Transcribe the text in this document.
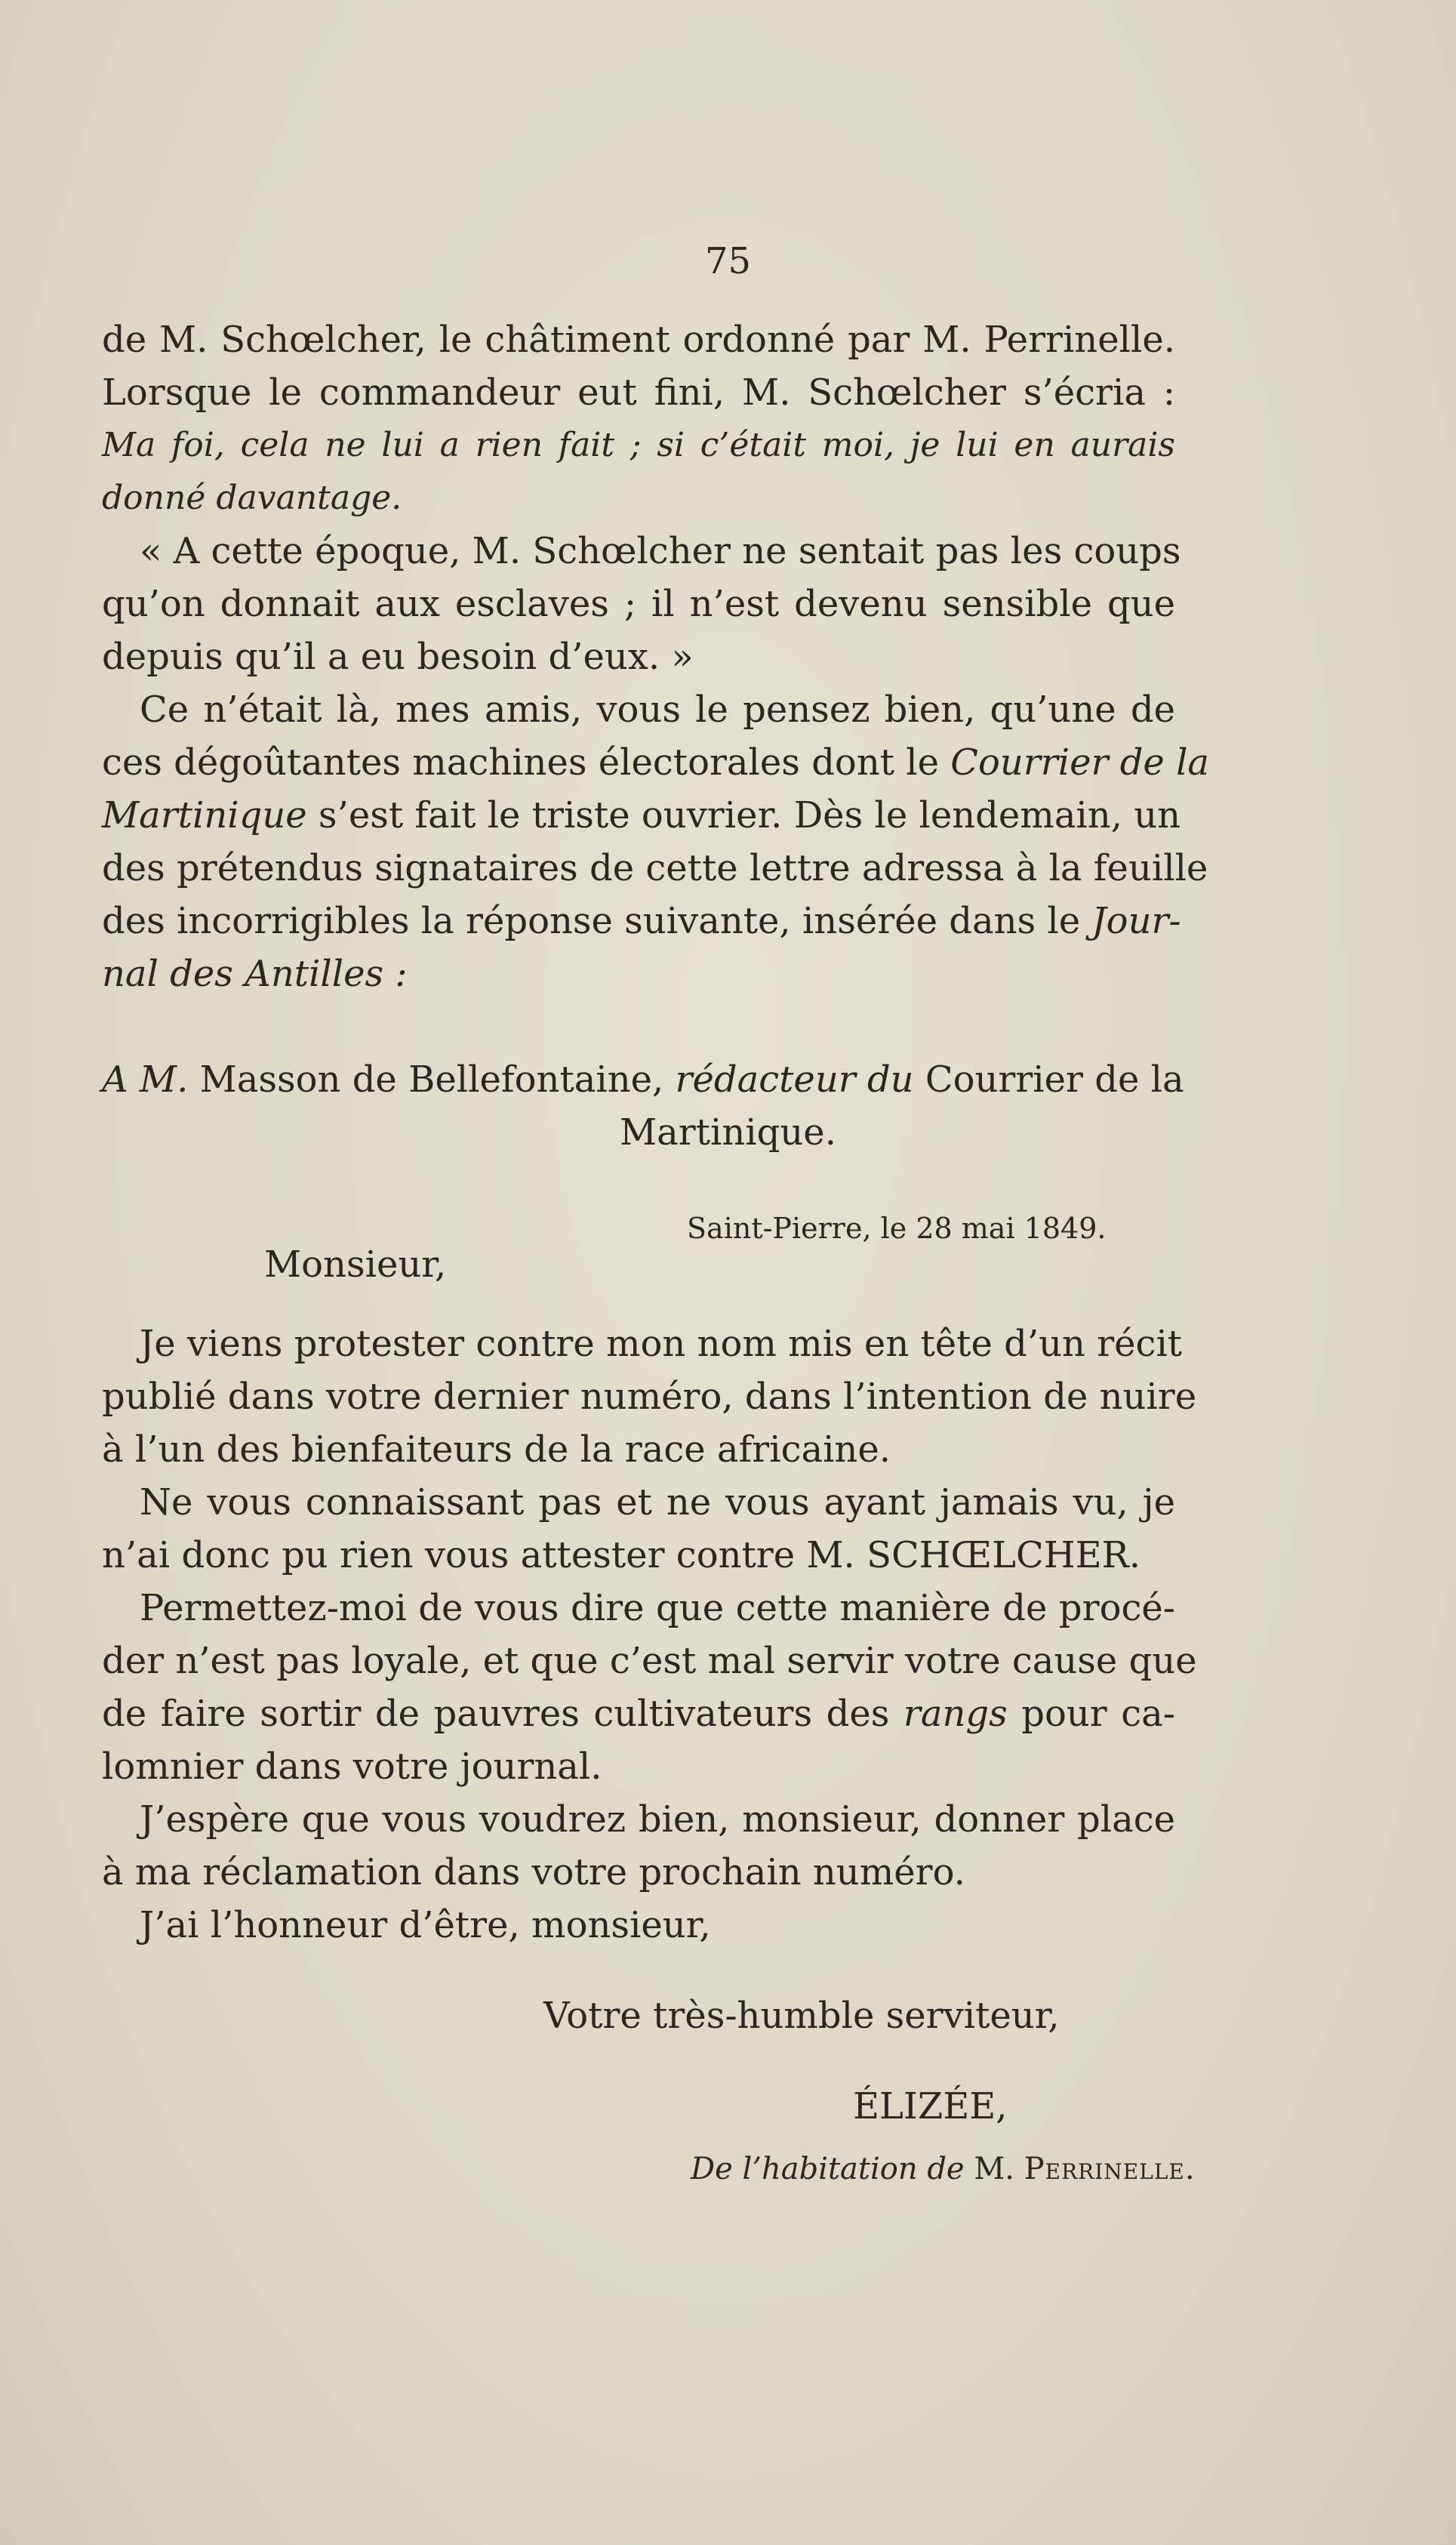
75
de M. Schœlcher, le châtiment ordonné par M. Perrinelle.
Lorsque le commandeur eut fini, M. Schœlcher s’écria :
Ma foi, cela ne lui a rien fait ; si c’était moi, je lui en aurais
donné davantage.
« A cette époque, M. Schœlcher ne sentait pas les coups
qu’on donnait aux esclaves ; il n’est devenu sensible que
depuis qu’il a eu besoin d’eux. »
Ce n’était là, mes amis, vous le pensez bien, qu’une de
ces dégoûtantes machines électorales dont le Courrier de la
Martinique s’est fait le triste ouvrier. Dès le lendemain, un
des prétendus signataires de cette lettre adressa à la feuille
des incorrigibles la réponse suivante, insérée dans le Jour-
nal des Antilles :
A M. Masson de Bellefontaine, rédacteur du Courrier de la
Martinique.
Saint-Pierre, le 28 mai 1849.
Monsieur,
Je viens protester contre mon nom mis en tête d’un récit
publié dans votre dernier numéro, dans l’intention de nuire
à l’un des bienfaiteurs de la race africaine.
Ne vous connaissant pas et ne vous ayant jamais vu, je
n’ai donc pu rien vous attester contre M. SCHŒLCHER.
Permettez-moi de vous dire que cette manière de procé-
der n’est pas loyale, et que c’est mal servir votre cause que
de faire sortir de pauvres cultivateurs des rangs pour ca-
lomnier dans votre journal.
J’espère que vous voudrez bien, monsieur, donner place
à ma réclamation dans votre prochain numéro.
J’ai l’honneur d’être, monsieur,
Votre très-humble serviteur,
ÉLIZÉE,
De l’habitation de M. Perrinelle.
